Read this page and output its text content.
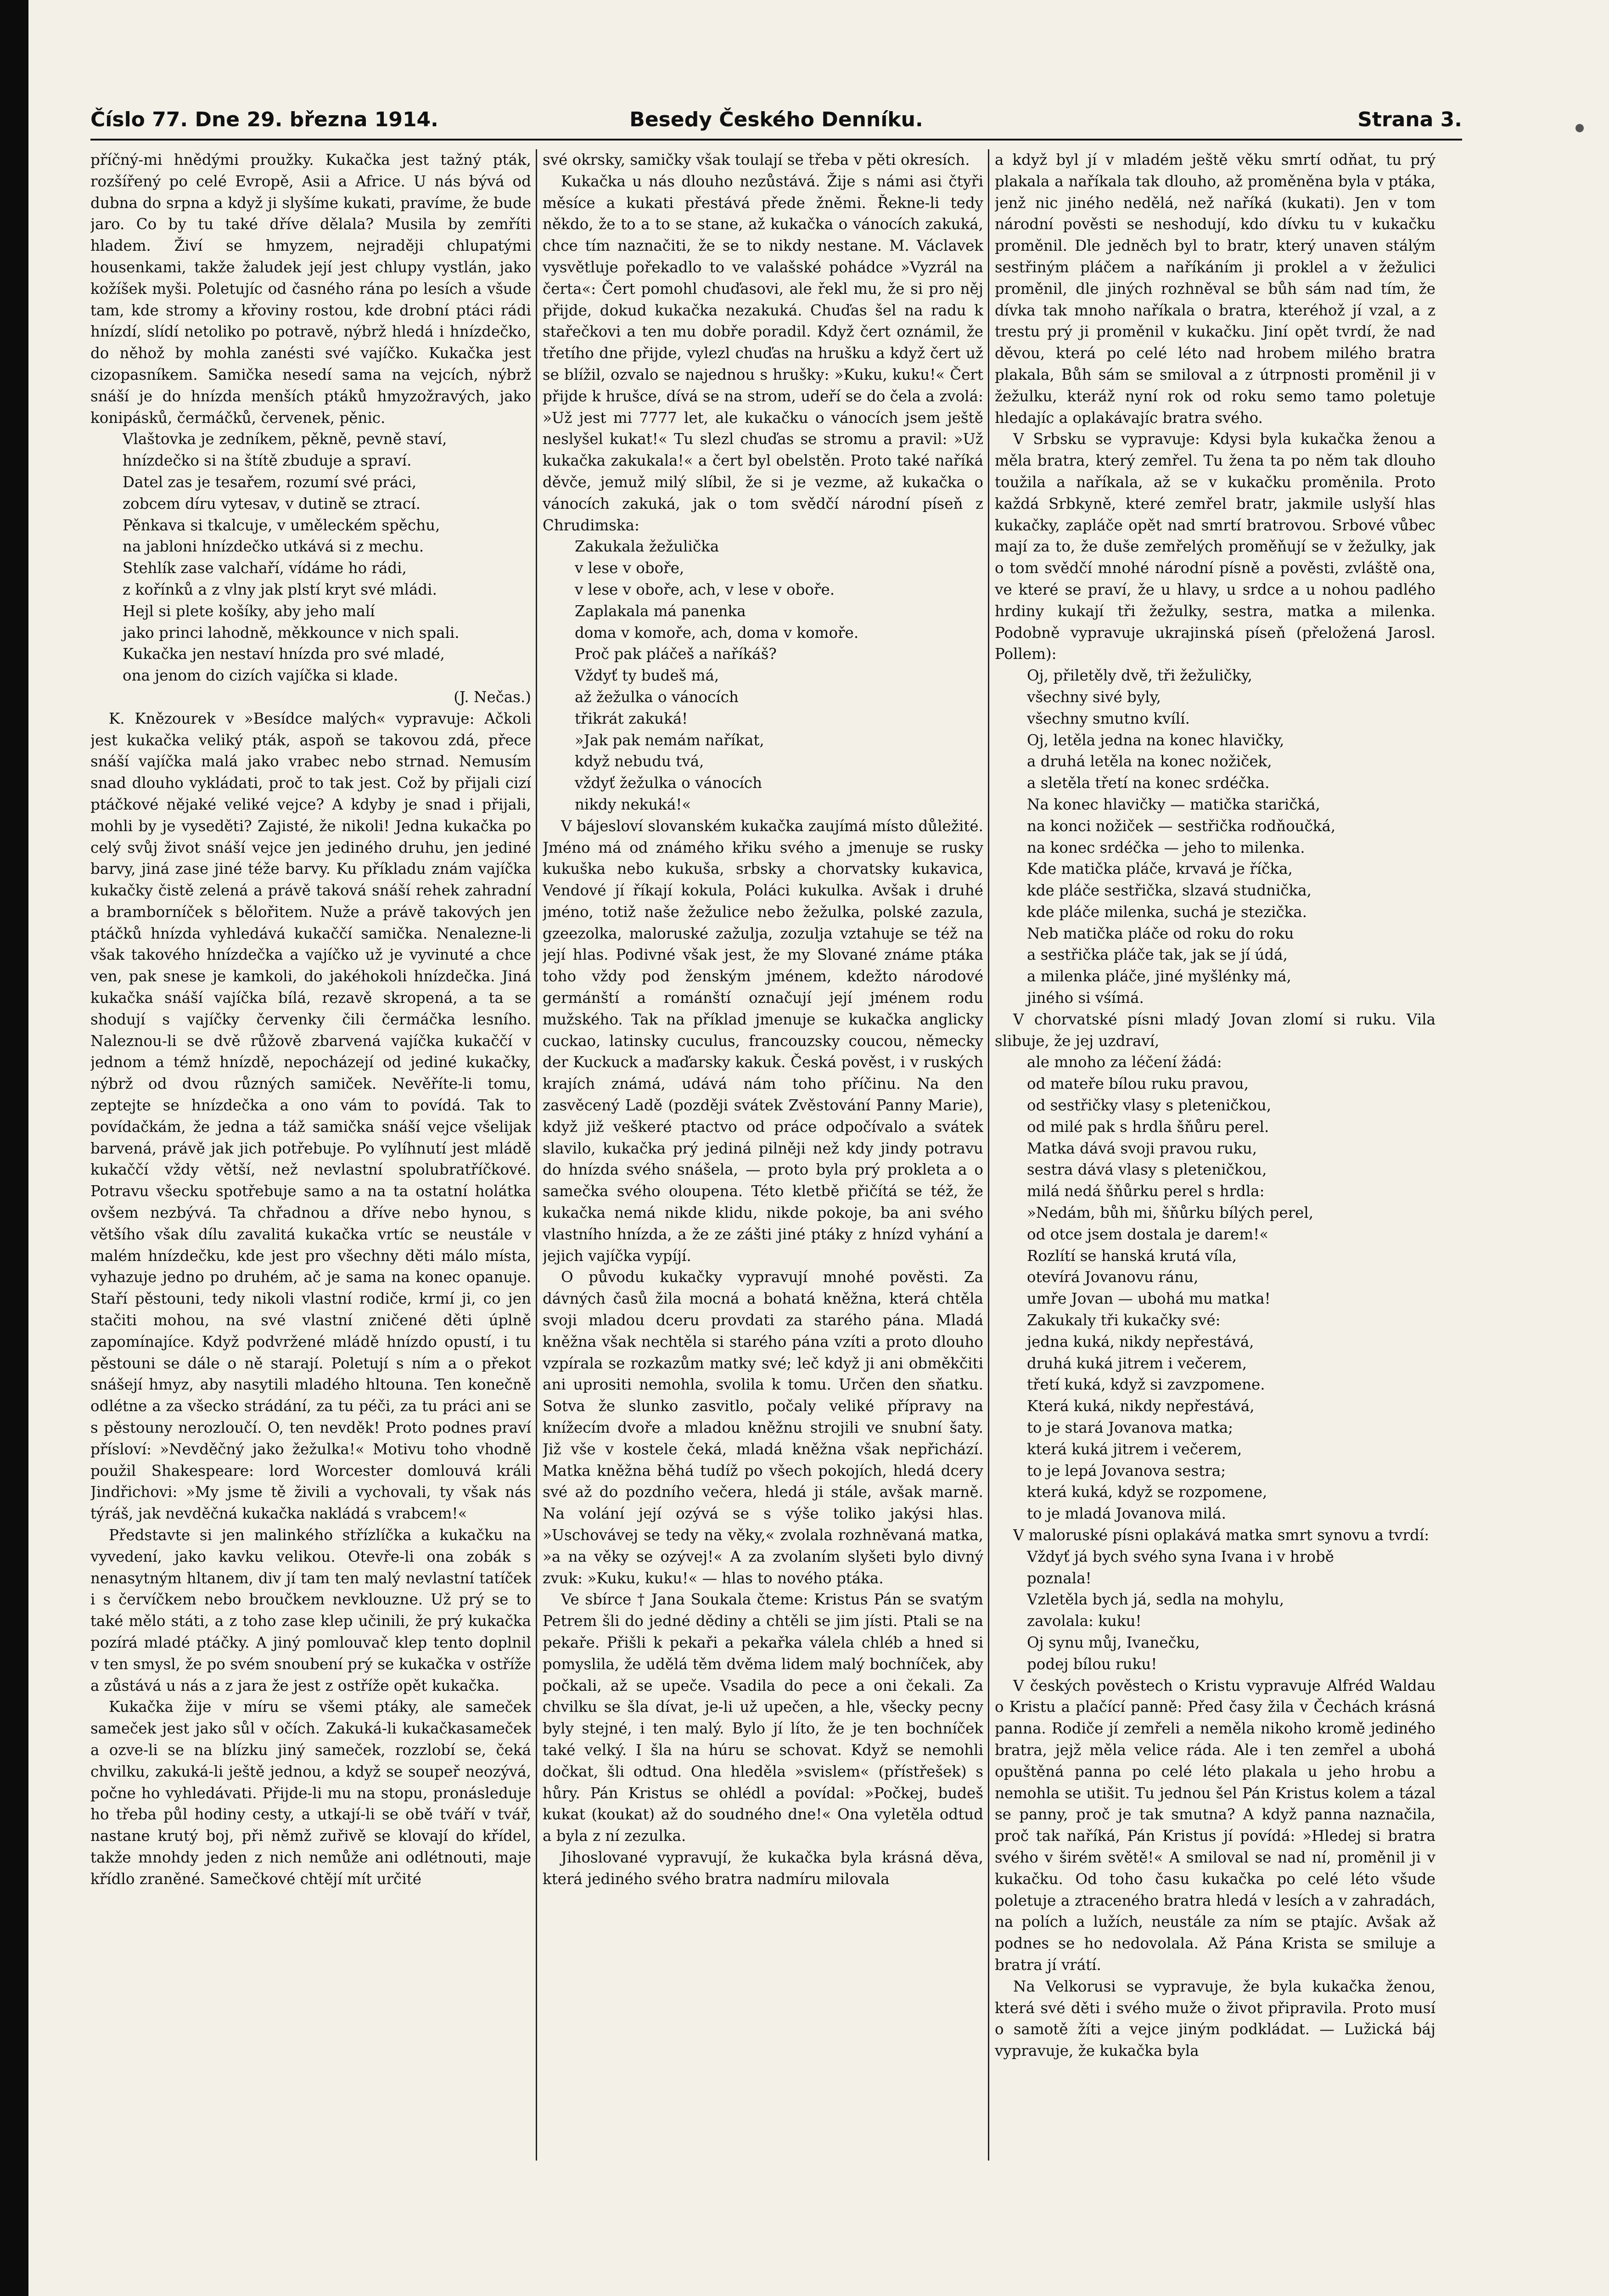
Číslo 77. Dne 29. března 1914.	Besedy Českého Denníku.	Strana 3.

příčný-mi hnědými proužky. Kukačka jest tažný pták, rozšířený po celé Evropě, Asii a Africe. U nás bývá od dubna do srpna a když ji slyšíme kukati, pravíme, že bude jaro. Co by tu také dříve dělala? Musila by zemříti hladem. Živí se hmyzem, nejraději chlupatými housenkami, takže žaludek její jest chlupy vystlán, jako kožíšek myši. Poletujíc od časného rána po lesích a všude tam, kde stromy a křoviny rostou, kde drobní ptáci rádi hnízdí, slídí netoliko po potravě, nýbrž hledá i hnízdečko, do něhož by mohla zanésti své vajíčko. Kukačka jest cizopasníkem. Samička nesedí sama na vejcích, nýbrž snáší je do hnízda menších ptáků hmyzožravých, jako konipásků, čermáčků, červenek, pěnic.

Vlaštovka je zedníkem, pěkně, pevně staví,
hnízdečko si na štítě zbuduje a spraví.
Datel zas je tesařem, rozumí své práci,
zobcem díru vytesav, v dutině se ztrací.
Pěnkava si tkalcuje, v uměleckém spěchu,
na jabloni hnízdečko utkává si z mechu.
Stehlík zase valchaří, vídáme ho rádi,
z kořínků a z vlny jak plstí kryt své mládi.
Hejl si plete košíky, aby jeho malí
jako princi lahodně, měkkounce v nich spali.
Kukačka jen nestaví hnízda pro své mladé,
ona jenom do cizích vajíčka si klade.

(J. Nečas.)

K. Knězourek v »Besídce malých« vypravuje: Ačkoli jest kukačka veliký pták, aspoň se takovou zdá, přece snáší vajíčka malá jako vrabec nebo strnad. Nemusím snad dlouho vykládati, proč to tak jest. Což by přijali cizí ptáčkové nějaké veliké vejce? A kdyby je snad i přijali, mohli by je vyseděti? Zajisté, že nikoli! Jedna kukačka po celý svůj život snáší vejce jen jediného druhu, jen jediné barvy, jiná zase jiné téže barvy. Ku příkladu znám vajíčka kukačky čistě zelená a právě taková snáší rehek zahradní a bramborníček s bělořitem. Nuže a právě takových jen ptáčků hnízda vyhledává kukaččí samička. Nenalezne-li však takového hnízdečka a vajíčko už je vyvinuté a chce ven, pak snese je kamkoli, do jakéhokoli hnízdečka. Jiná kukačka snáší vajíčka bílá, rezavě skropená, a ta se shodují s vajíčky červenky čili čermáčka lesního. Naleznou-li se dvě růžově zbarvená vajíčka kukaččí v jednom a témž hnízdě, nepocházejí od jediné kukačky, nýbrž od dvou různých samiček. Nevěříte-li tomu, zeptejte se hnízdečka a ono vám to povídá. Tak to povídačkám, že jedna a táž samička snáší vejce všelijak barvená, právě jak jich potřebuje. Po vylíhnutí jest mládě kukaččí vždy větší, než nevlastní spolubratříčkové. Potravu všecku spotřebuje samo a na ta ostatní holátka ovšem nezbývá. Ta chřadnou a dříve nebo hynou, s většího však dílu zavalitá kukačka vrtíc se neustále v malém hnízdečku, kde jest pro všechny děti málo místa, vyhazuje jedno po druhém, ač je sama na konec opanuje. Staří pěstouni, tedy nikoli vlastní rodiče, krmí ji, co jen stačiti mohou, na své vlastní zničené děti úplně zapomínajíce. Když podvržené mládě hnízdo opustí, i tu pěstouni se dále o ně starají. Poletují s ním a o překot snášejí hmyz, aby nasytili mladého hltouna. Ten konečně odlétne a za všecko strádání, za tu péči, za tu práci ani se s pěstouny nerozloučí. O, ten nevděk! Proto podnes praví přísloví: »Nevděčný jako žežulka!« Motivu toho vhodně použil Shakespeare: lord Worcester domlouvá králi Jindřichovi: »My jsme tě živili a vychovali, ty však nás týráš, jak nevděčná kukačka nakládá s vrabcem!«

Představte si jen malinkého střízlíčka a kukačku na vyvedení, jako kavku velikou. Otevře-li ona zobák s nenasytným hltanem, div jí tam ten malý nevlastní tatíček i s červíčkem nebo broučkem nevklouzne. Už prý se to také mělo státi, a z toho zase klep učinili, že prý kukačka pozírá mladé ptáčky. A jiný pomlouvač klep tento doplnil v ten smysl, že po svém snoubení prý se kukačka v ostříže a zůstává u nás a z jara že jest z ostříže opět kukačka.

Kukačka žije v míru se všemi ptáky, ale sameček sameček jest jako sůl v očích. Zakuká-li kukačkasameček a ozve-li se na blízku jiný sameček, rozzlobí se, čeká chvilku, zakuká-li ještě jednou, a když se soupeř neozývá, počne ho vyhledávati. Přijde-li mu na stopu, pronásleduje ho třeba půl hodiny cesty, a utkají-li se obě tváří v tvář, nastane krutý boj, při němž zuřivě se klovají do křídel, takže mnohdy jeden z nich nemůže ani odlétnouti, maje křídlo zraněné. Samečkové chtějí mít určité

své okrsky, samičky však toulají se třeba v pěti okresích.

Kukačka u nás dlouho nezůstává. Žije s námi asi čtyři měsíce a kukati přestává přede žněmi. Řekne-li tedy někdo, že to a to se stane, až kukačka o vánocích zakuká, chce tím naznačiti, že se to nikdy nestane. M. Václavek vysvětluje pořekadlo to ve valašské pohádce »Vyzrál na čerta«: Čert pomohl chuďasovi, ale řekl mu, že si pro něj přijde, dokud kukačka nezakuká. Chuďas šel na radu k stařečkovi a ten mu dobře poradil. Když čert oznámil, že třetího dne přijde, vylezl chuďas na hrušku a když čert už se blížil, ozvalo se najednou s hrušky: »Kuku, kuku!« Čert přijde k hrušce, dívá se na strom, udeří se do čela a zvolá: »Už jest mi 7777 let, ale kukačku o vánocích jsem ještě neslyšel kukat!« Tu slezl chuďas se stromu a pravil: »Už kukačka zakukala!« a čert byl obelstěn. Proto také naříká děvče, jemuž milý slíbil, že si je vezme, až kukačka o vánocích zakuká, jak o tom svědčí národní píseň z Chrudimska:

Zakukala žežulička
v lese v oboře,
v lese v oboře, ach, v lese v oboře.
Zaplakala má panenka
doma v komoře, ach, doma v komoře.
Proč pak pláčeš a naříkáš?
Vždyť ty budeš má,
až žežulka o vánocích
třikrát zakuká!
»Jak pak nemám naříkat,
když nebudu tvá,
vždyť žežulka o vánocích
nikdy nekuká!«

V bájesloví slovanském kukačka zaujímá místo důležité. Jméno má od známého křiku svého a jmenuje se rusky kukuška nebo kukuša, srbsky a chorvatsky kukavica, Vendové jí říkají kokula, Poláci kukulka. Avšak i druhé jméno, totiž naše žežulice nebo žežulka, polské zazula, gzeezolka, maloruské zažulja, zozulja vztahuje se též na její hlas. Podivné však jest, že my Slované známe ptáka toho vždy pod ženským jménem, kdežto národové germánští a románští označují její jménem rodu mužského. Tak na příklad jmenuje se kukačka anglicky cuckao, latinsky cuculus, francouzsky coucou, německy der Kuckuck a maďarsky kakuk. Česká pověst, i v ruských krajích známá, udává nám toho příčinu. Na den zasvěcený Ladě (později svátek Zvěstování Panny Marie), když již veškeré ptactvo od práce odpočívalo a svátek slavilo, kukačka prý jediná pilněji než kdy jindy potravu do hnízda svého snášela, — proto byla prý prokleta a o samečka svého oloupena. Této kletbě přičítá se též, že kukačka nemá nikde klidu, nikde pokoje, ba ani svého vlastního hnízda, a že ze zášti jiné ptáky z hnízd vyhání a jejich vajíčka vypíjí.

O původu kukačky vypravují mnohé pověsti. Za dávných časů žila mocná a bohatá kněžna, která chtěla svoji mladou dceru provdati za starého pána. Mladá kněžna však nechtěla si starého pána vzíti a proto dlouho vzpírala se rozkazům matky své; leč když ji ani obměkčiti ani uprositi nemohla, svolila k tomu. Určen den sňatku. Sotva že slunko zasvitlo, počaly veliké přípravy na knížecím dvoře a mladou kněžnu strojili ve snubní šaty. Již vše v kostele čeká, mladá kněžna však nepřichází. Matka kněžna běhá tudíž po všech pokojích, hledá dcery své až do pozdního večera, hledá ji stále, avšak marně. Na volání její ozývá se s výše toliko jakýsi hlas. »Uschovávej se tedy na věky,« zvolala rozhněvaná matka, »a na věky se ozývej!« A za zvolaním slyšeti bylo divný zvuk: »Kuku, kuku!« — hlas to nového ptáka.

Ve sbírce † Jana Soukala čteme: Kristus Pán se svatým Petrem šli do jedné dědiny a chtěli se jim jísti. Ptali se na pekaře. Přišli k pekaři a pekařka válela chléb a hned si pomyslila, že udělá těm dvěma lidem malý bochníček, aby počkali, až se upeče. Vsadila do pece a oni čekali. Za chvilku se šla dívat, je-li už upečen, a hle, všecky pecny byly stejné, i ten malý. Bylo jí líto, že je ten bochníček také velký. I šla na húru se schovat. Když se nemohli dočkat, šli odtud. Ona hleděla »svislem« (přístřešek) s hůry. Pán Kristus se ohlédl a povídal: »Počkej, budeš kukat (koukat) až do soudného dne!« Ona vyletěla odtud a byla z ní zezulka.

Jihoslované vypravují, že kukačka byla krásná děva, která jediného svého bratra nadmíru milovala

a když byl jí v mladém ještě věku smrtí odňat, tu prý plakala a naříkala tak dlouho, až proměněna byla v ptáka, jenž nic jiného nedělá, než naříká (kukati). Jen v tom národní pověsti se neshodují, kdo dívku tu v kukačku proměnil. Dle jedněch byl to bratr, který unaven stálým sestřiným pláčem a naříkáním ji proklel a v žežulici proměnil, dle jiných rozhněval se bůh sám nad tím, že dívka tak mnoho naříkala o bratra, kteréhož jí vzal, a z trestu prý ji proměnil v kukačku. Jiní opět tvrdí, že nad děvou, která po celé léto nad hrobem milého bratra plakala, Bůh sám se smiloval a z útrpnosti proměnil ji v žežulku, kteráž nyní rok od roku semo tamo poletuje hledajíc a oplakávajíc bratra svého.

V Srbsku se vypravuje: Kdysi byla kukačka ženou a měla bratra, který zemřel. Tu žena ta po něm tak dlouho toužila a naříkala, až se v kukačku proměnila. Proto každá Srbkyně, které zemřel bratr, jakmile uslyší hlas kukačky, zapláče opět nad smrtí bratrovou. Srbové vůbec mají za to, že duše zemřelých proměňují se v žežulky, jak o tom svědčí mnohé národní písně a pověsti, zvláště ona, ve které se praví, že u hlavy, u srdce a u nohou padlého hrdiny kukají tři žežulky, sestra, matka a milenka. Podobně vypravuje ukrajinská píseň (přeložená Jarosl. Pollem):

Oj, přiletěly dvě, tři žežuličky,
všechny sivé byly,
všechny smutno kvílí.
Oj, letěla jedna na konec hlavičky,
a druhá letěla na konec nožiček,
a sletěla třetí na konec srdéčka.
Na konec hlavičky — matička staričká,
na konci nožiček — sestřička rodňoučká,
na konec srdéčka — jeho to milenka.
Kde matička pláče, krvavá je říčka,
kde pláče sestřička, slzavá studnička,
kde pláče milenka, suchá je stezička.
Neb matička pláče od roku do roku
a sestřička pláče tak, jak se jí údá,
a milenka pláče, jiné myšlénky má,
jiného si vśímá.

V chorvatské písni mladý Jovan zlomí si ruku. Vila slibuje, že jej uzdraví,

ale mnoho za léčení žádá:
od mateře bílou ruku pravou,
od sestřičky vlasy s pleteničkou,
od milé pak s hrdla šňůru perel.
Matka dává svoji pravou ruku,
sestra dává vlasy s pleteničkou,
milá nedá šňůrku perel s hrdla:
»Nedám, bůh mi, šňůrku bílých perel,
od otce jsem dostala je darem!«
Rozlítí se hanská krutá víla,
otevírá Jovanovu ránu,
umře Jovan — ubohá mu matka!
Zakukaly tři kukačky své:
jedna kuká, nikdy nepřestává,
druhá kuká jitrem i večerem,
třetí kuká, když si zavzpomene.
Která kuká, nikdy nepřestává,
to je stará Jovanova matka;
která kuká jitrem i večerem,
to je lepá Jovanova sestra;
která kuká, když se rozpomene,
to je mladá Jovanova milá.

V maloruské písni oplakává matka smrt synovu a tvrdí:

Vždyť já bych svého syna Ivana i v hrobě
poznala!
Vzletěla bych já, sedla na mohylu,
zavolala: kuku!
Oj synu můj, Ivanečku,
podej bílou ruku!

V českých pověstech o Kristu vypravuje Alfréd Waldau o Kristu a plačící panně: Před časy žila v Čechách krásná panna. Rodiče jí zemřeli a neměla nikoho kromě jediného bratra, jejž měla velice ráda. Ale i ten zemřel a ubohá opuštěná panna po celé léto plakala u jeho hrobu a nemohla se utišit. Tu jednou šel Pán Kristus kolem a tázal se panny, proč je tak smutna? A když panna naznačila, proč tak naříká, Pán Kristus jí povídá: »Hledej si bratra svého v širém světě!« A smiloval se nad ní, proměnil ji v kukačku. Od toho času kukačka po celé léto všude poletuje a ztraceného bratra hledá v lesích a v zahradách, na polích a lužích, neustále za ním se ptajíc. Avšak až podnes se ho nedovolala. Až Pána Krista se smiluje a bratra jí vrátí.

Na Velkorusi se vypravuje, že byla kukačka ženou, která své děti i svého muže o život připravila. Proto musí o samotě žíti a vejce jiným podkládat. — Lužická báj vypravuje, že kukačka byla
